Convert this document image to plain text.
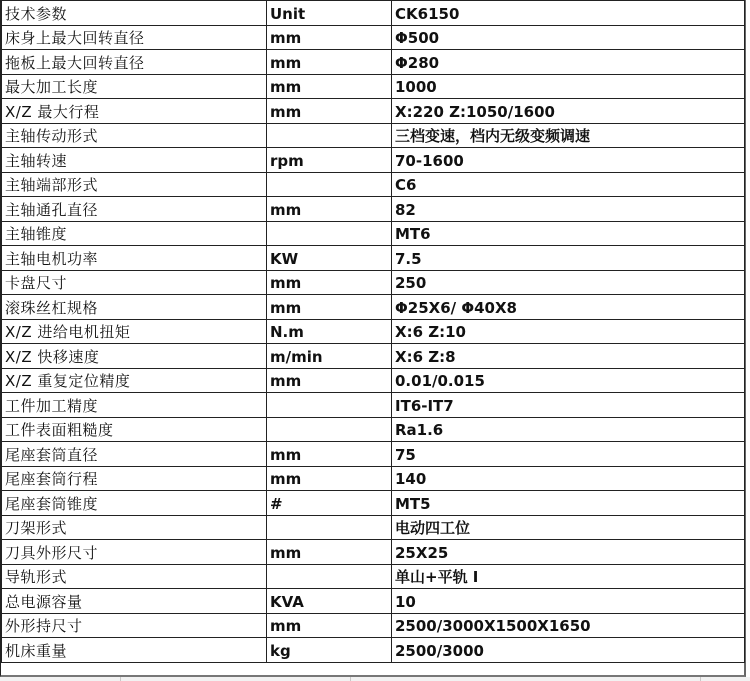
技术参数	Unit	CK6150
床身上最大回转直径	mm	Φ500
拖板上最大回转直径	mm	Φ280
最大加工长度	mm	1000
X/Z 最大行程	mm	X:220 Z:1050/1600
主轴传动形式		三档变速，档内无级变频调速
主轴转速	rpm	70-1600
主轴端部形式		C6
主轴通孔直径	mm	82
主轴锥度		MT6
主轴电机功率	KW	7.5
卡盘尺寸	mm	250
滚珠丝杠规格	mm	Φ25X6/ Φ40X8
X/Z 进给电机扭矩	N.m	X:6 Z:10
X/Z 快移速度	m/min	X:6 Z:8
X/Z 重复定位精度	mm	0.01/0.015
工件加工精度		IT6-IT7
工件表面粗糙度		Ra1.6
尾座套筒直径	mm	75
尾座套筒行程	mm	140
尾座套筒锥度	#	MT5
刀架形式		电动四工位
刀具外形尺寸	mm	25X25
导轨形式		单山+平轨 I
总电源容量	KVA	10
外形持尺寸	mm	2500/3000X1500X1650
机床重量	kg	2500/3000
